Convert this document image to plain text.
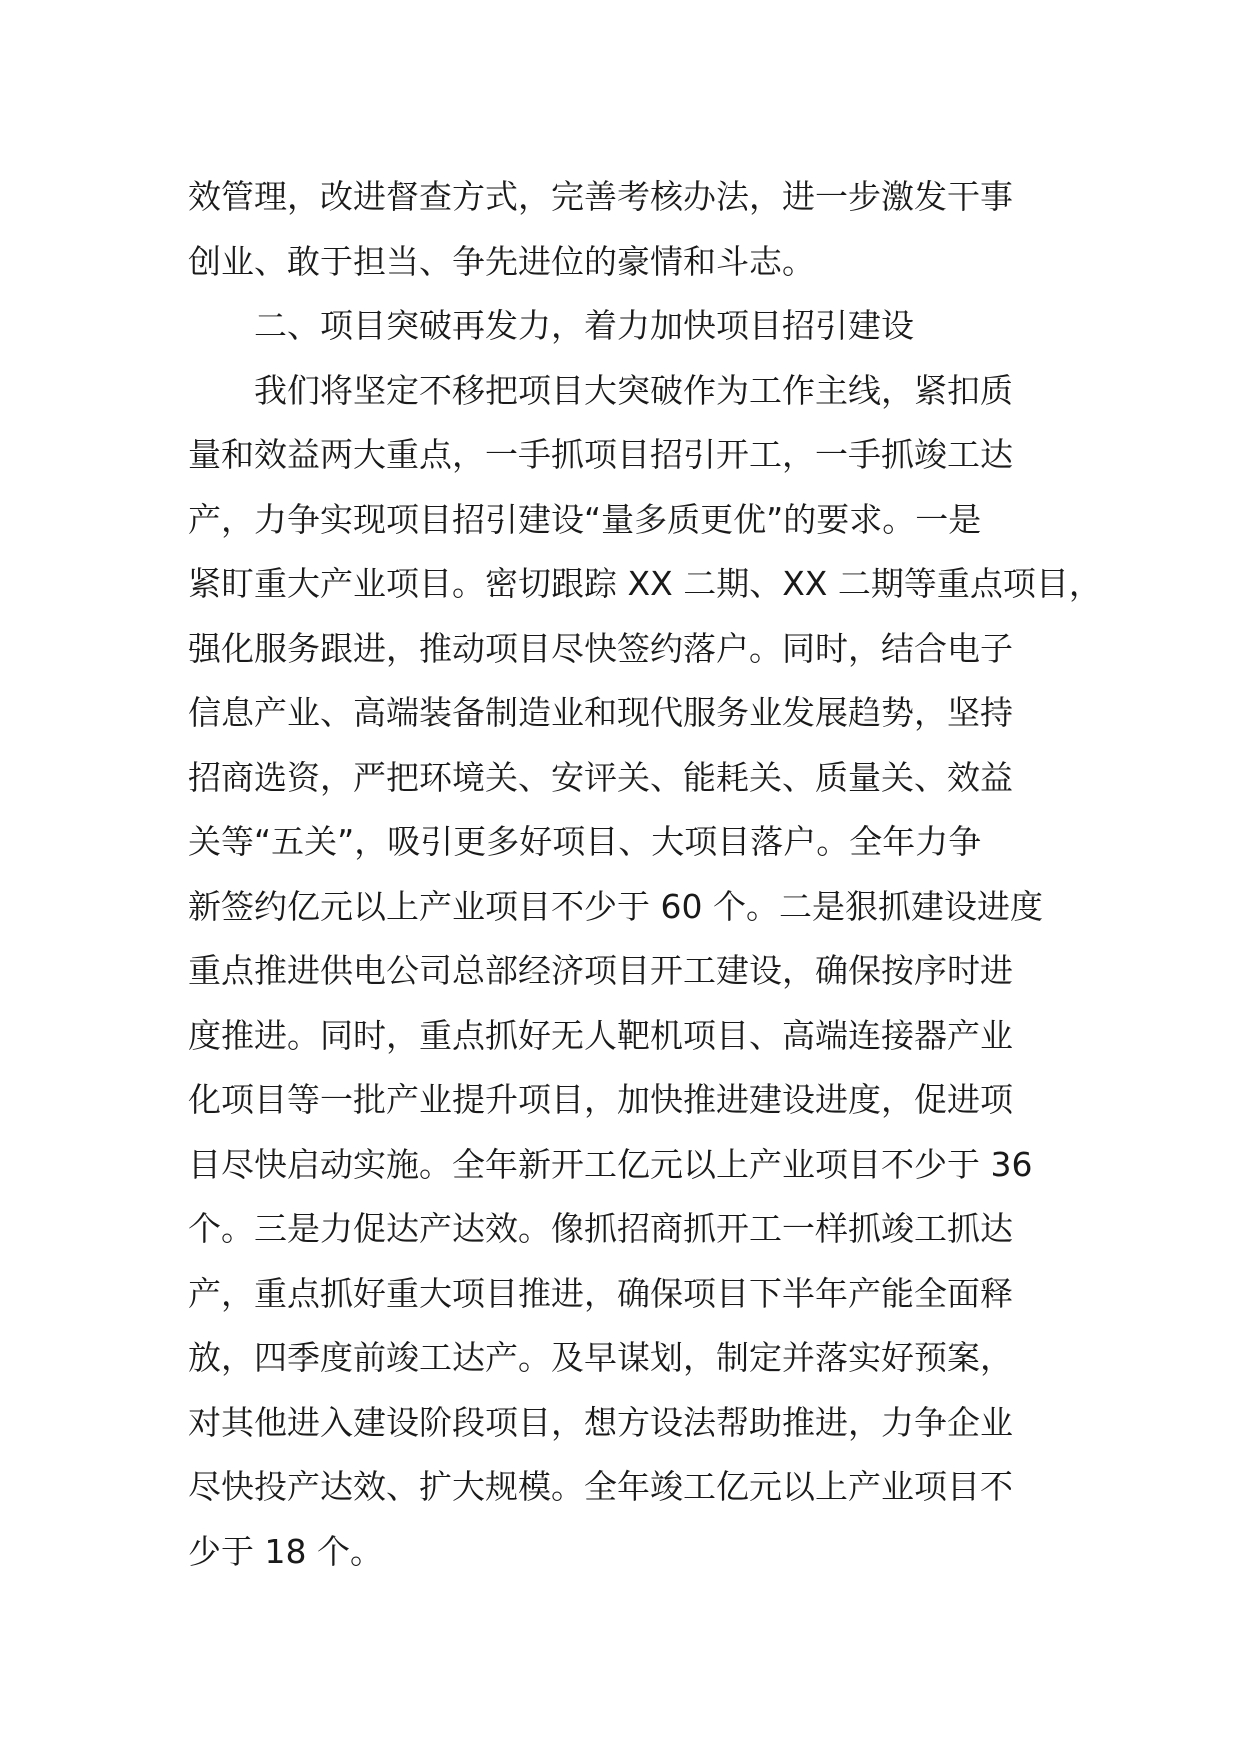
效管理，改进督查方式，完善考核办法，进一步激发干事
创业、敢于担当、争先进位的豪情和斗志。
二、项目突破再发力，着力加快项目招引建设
我们将坚定不移把项目大突破作为工作主线，紧扣质
量和效益两大重点，一手抓项目招引开工，一手抓竣工达
产，力争实现项目招引建设“量多质更优”的要求。一是
紧盯重大产业项目。密切跟踪 XX 二期、XX 二期等重点项目，
强化服务跟进，推动项目尽快签约落户。同时，结合电子
信息产业、高端装备制造业和现代服务业发展趋势，坚持
招商选资，严把环境关、安评关、能耗关、质量关、效益
关等“五关”，吸引更多好项目、大项目落户。全年力争
新签约亿元以上产业项目不少于 60 个。二是狠抓建设进度
重点推进供电公司总部经济项目开工建设，确保按序时进
度推进。同时，重点抓好无人靶机项目、高端连接器产业
化项目等一批产业提升项目，加快推进建设进度，促进项
目尽快启动实施。全年新开工亿元以上产业项目不少于 36
个。三是力促达产达效。像抓招商抓开工一样抓竣工抓达
产，重点抓好重大项目推进，确保项目下半年产能全面释
放，四季度前竣工达产。及早谋划，制定并落实好预案，
对其他进入建设阶段项目，想方设法帮助推进，力争企业
尽快投产达效、扩大规模。全年竣工亿元以上产业项目不
少于 18 个。
